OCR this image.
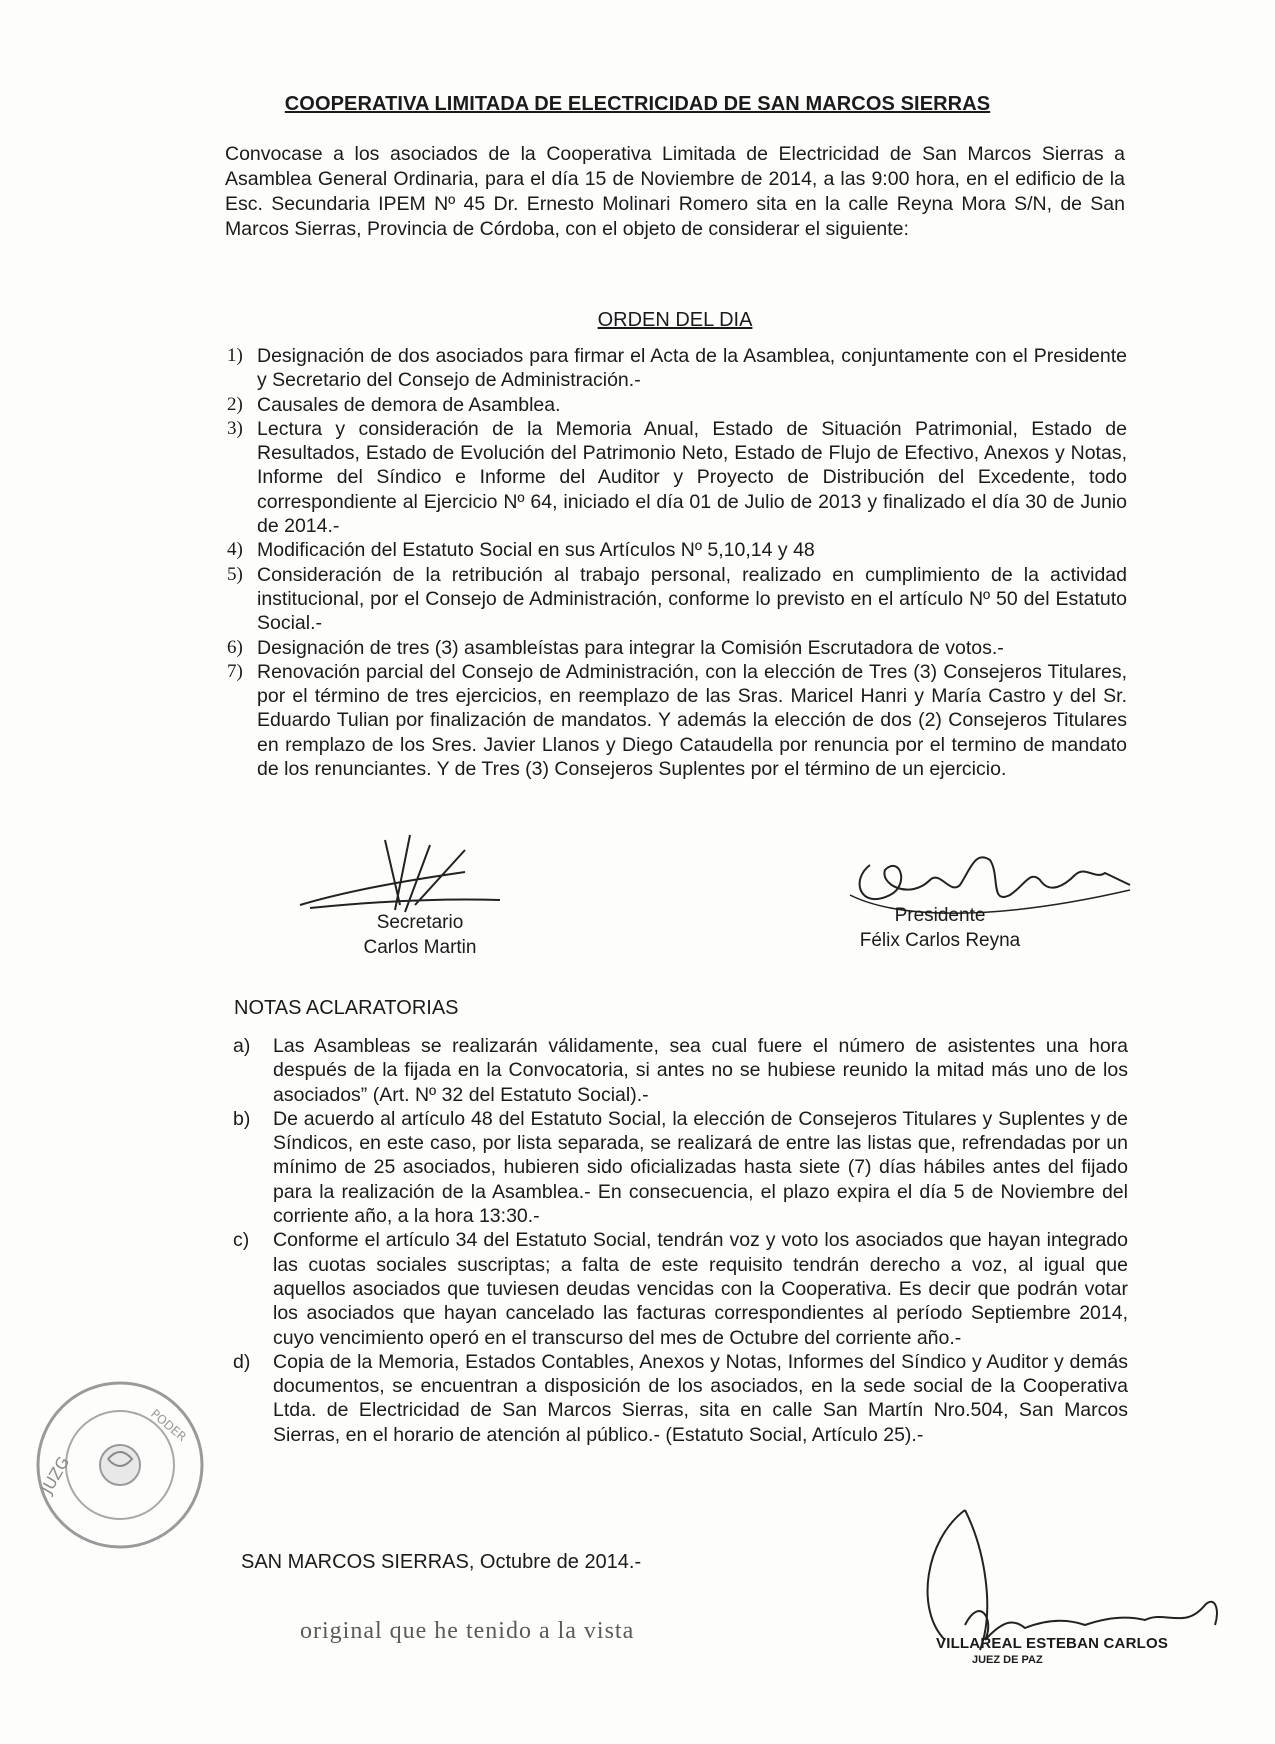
COOPERATIVA LIMITADA DE ELECTRICIDAD DE SAN MARCOS SIERRAS
Convocase a los asociados de la Cooperativa Limitada de Electricidad de San Marcos Sierras a Asamblea General Ordinaria, para el día 15 de Noviembre de 2014, a las 9:00 hora, en el edificio de la Esc. Secundaria IPEM Nº 45 Dr. Ernesto Molinari Romero sita en la calle Reyna Mora S/N, de San Marcos Sierras, Provincia de Córdoba, con el objeto de considerar el siguiente:
ORDEN DEL DIA
1) Designación de dos asociados para firmar el Acta de la Asamblea, conjuntamente con el Presidente y Secretario del Consejo de Administración.-
2) Causales de demora de Asamblea.
3) Lectura y consideración de la Memoria Anual, Estado de Situación Patrimonial, Estado de Resultados, Estado de Evolución del Patrimonio Neto, Estado de Flujo de Efectivo, Anexos y Notas, Informe del Síndico e Informe del Auditor y Proyecto de Distribución del Excedente, todo correspondiente al Ejercicio Nº 64, iniciado el día 01 de Julio de 2013 y finalizado el día 30 de Junio de 2014.-
4) Modificación del Estatuto Social en sus Artículos Nº 5,10,14 y 48
5) Consideración de la retribución al trabajo personal, realizado en cumplimiento de la actividad institucional, por el Consejo de Administración, conforme lo previsto en el artículo Nº 50 del Estatuto Social.-
6) Designación de tres (3) asambleístas para integrar la Comisión Escrutadora de votos.-
7) Renovación parcial del Consejo de Administración, con la elección de Tres (3) Consejeros Titulares, por el término de tres ejercicios, en reemplazo de las Sras. Maricel Hanri y María Castro y del Sr. Eduardo Tulian por finalización de mandatos. Y además la elección de dos (2) Consejeros Titulares en remplazo de los Sres. Javier Llanos y Diego Cataudella por renuncia por el termino de mandato de los renunciantes. Y de Tres (3) Consejeros Suplentes por el término de un ejercicio.
Secretario
Carlos Martin
Presidente
Félix Carlos Reyna
NOTAS ACLARATORIAS
a)	Las Asambleas se realizarán válidamente, sea cual fuere el número de asistentes una hora después de la fijada en la Convocatoria, si antes no se hubiese reunido la mitad más uno de los asociados” (Art. Nº 32 del Estatuto Social).-
b)	De acuerdo al artículo 48 del Estatuto Social, la elección de Consejeros Titulares y Suplentes y de Síndicos, en este caso, por lista separada, se realizará de entre las listas que, refrendadas por un mínimo de 25 asociados, hubieren sido oficializadas hasta siete (7) días hábiles antes del fijado para la realización de la Asamblea.- En consecuencia, el plazo expira el día 5 de Noviembre del corriente año, a la hora 13:30.-
c)	Conforme el artículo 34 del Estatuto Social, tendrán voz y voto los asociados que hayan integrado las cuotas sociales suscriptas; a falta de este requisito tendrán derecho a voz, al igual que aquellos asociados que tuviesen deudas vencidas con la Cooperativa. Es decir que podrán votar los asociados que hayan cancelado las facturas correspondientes al período Septiembre 2014, cuyo vencimiento operó en el transcurso del mes de Octubre del corriente año.-
d)	Copia de la Memoria, Estados Contables, Anexos y Notas, Informes del Síndico y Auditor y demás documentos, se encuentran a disposición de los asociados, en la sede social de la Cooperativa Ltda. de Electricidad de San Marcos Sierras, sita en calle San Martín Nro.504, San Marcos Sierras, en el horario de atención al público.- (Estatuto Social, Artículo 25).-
JUZG
PODER
SAN MARCOS SIERRAS, Octubre de 2014.-
original que he tenido a la vista	VILLAREAL ESTEBAN CARLOS
JUEZ DE PAZ
